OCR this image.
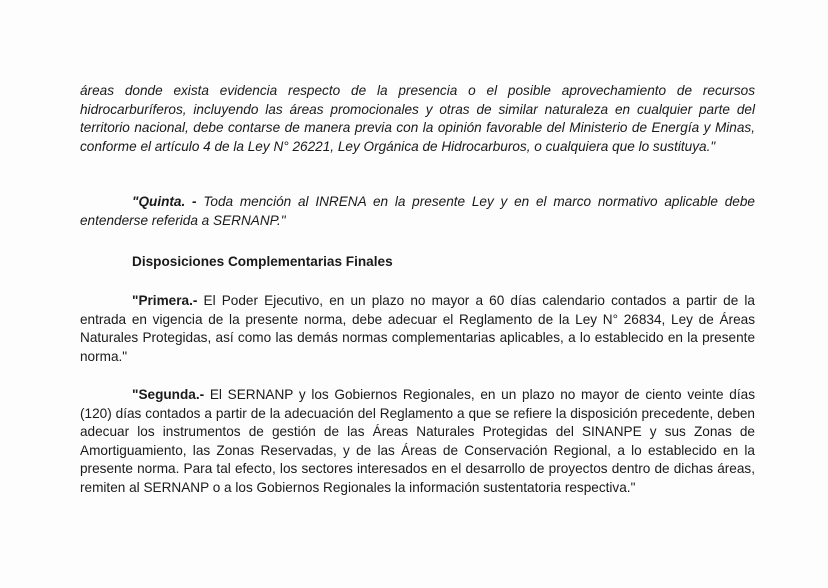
áreas donde exista evidencia respecto de la presencia o el posible aprovechamiento de recursos hidrocarburíferos, incluyendo las áreas promocionales y otras de similar naturaleza en cualquier parte del territorio nacional, debe contarse de manera previa con la opinión favorable del Ministerio de Energía y Minas, conforme el artículo 4 de la Ley N° 26221, Ley Orgánica de Hidrocarburos, o cualquiera que lo sustituya."

"Quinta. - Toda mención al INRENA en la presente Ley y en el marco normativo aplicable debe entenderse referida a SERNANP."

Disposiciones Complementarias Finales

"Primera.- El Poder Ejecutivo, en un plazo no mayor a 60 días calendario contados a partir de la entrada en vigencia de la presente norma, debe adecuar el Reglamento de la Ley N° 26834, Ley de Áreas Naturales Protegidas, así como las demás normas complementarias aplicables, a lo establecido en la presente norma."

"Segunda.- El SERNANP y los Gobiernos Regionales, en un plazo no mayor de ciento veinte días (120) días contados a partir de la adecuación del Reglamento a que se refiere la disposición precedente, deben adecuar los instrumentos de gestión de las Áreas Naturales Protegidas del SINANPE y sus Zonas de Amortiguamiento, las Zonas Reservadas, y de las Áreas de Conservación Regional, a lo establecido en la presente norma. Para tal efecto, los sectores interesados en el desarrollo de proyectos dentro de dichas áreas, remiten al SERNANP o a los Gobiernos Regionales la información sustentatoria respectiva."
